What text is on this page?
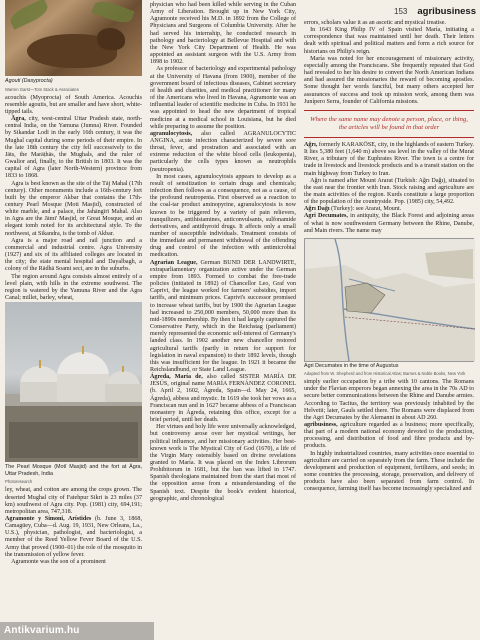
153 agribusiness
Agouti (Dasyprocta)
Warren Garst—Tom Stack & Associates

acouchis (Myoprocta) of South America. Acouchis resemble agoutis, but are smaller and have short, white-tipped tails.

 Āgra, city, west-central Uttar Pradesh state, north-central India, on the Yamuna (Jumna) River. Founded by Sikandar Lodī in the early 16th century, it was the Mughal capital during some periods of their empire. In the late 18th century the city fell successively to the Jāts, the Marāṭhās, the Mughals, and the ruler of Gwalior and, finally, to the British in 1803. It was the capital of Agra (later North-Western) province from 1833 to 1868.

 Agra is best known as the site of the Tāj Mahal (17th century). Other monuments include a 16th-century fort built by the emperor Akbar that contains the 17th-century Pearl Mosque (Moti Masjid), constructed of white marble, and a palace, the Jahāngīrī Mahal. Also in Agra are the Jāmi' Masjid, or Great Mosque, and an elegant tomb noted for its architectural style. To the northwest, at Sikandra, is the tomb of Akbar.

 Agra is a major road and rail junction and a commercial and industrial centre. Agra University (1927) and six of its affiliated colleges are located in the city; the state mental hospital and Dayalbagh, a colony of the Rādhā Soami sect, are in the suburbs.

 The region around Agra consists almost entirely of a level plain, with hills in the extreme southwest. The region is watered by the Yamuna River and the Agra Canal; millet, barley, wheat,

The Pearl Mosque (Motī Masjid) and the fort at Āgra, Uttar Pradesh, India
Photoresearch

ley, wheat, and cotton are among the crops grown. The deserted Mughal city of Fatehpur Sikri is 23 miles (37 km) southwest of Agra city. Pop. (1981) city, 694,191; metropolitan area, 747,318.

Agramonte y Simoni, Arístides (b. June 3, 1868, Camagüey, Cuba—d. Aug. 19, 1931, New Orleans, La., U.S.), physician, pathologist, and bacteriologist, a member of the Reed Yellow Fever Board of the U.S. Army that proved (1900–01) the role of the mosquito in the transmission of yellow fever.

 Agramonte was the son of a prominent

physician who had been killed while serving in the Cuban Army of Liberation. Brought up in New York City, Agramonte received his M.D. in 1892 from the College of Physicians and Surgeons of Columbia University. After he had served his internship, he conducted research in pathology and bacteriology at Bellevue Hospital and with the New York City Department of Health. He was appointed an assistant surgeon with the U.S. Army from 1898 to 1902.

 As professor of bacteriology and experimental pathology at the University of Havana (from 1900), member of the government board of infectious diseases, Cabinet secretary of health and charities, and medical practitioner for many of the Americans who lived in Havana, Agramonte was an influential leader of scientific medicine in Cuba. In 1931 he was appointed to head the new department of tropical medicine at a medical school in Louisiana, but he died while preparing to assume the position.

agranulocytosis, also called AGRANULOCYTIC ANGINA, acute infection characterized by severe sore throat, fever, and prostration and associated with an extreme reduction of the white blood cells (leukopenia), particularly the cells types known as neutrophils (neutropenia).

 In most cases, agranulocytosis appears to develop as a result of sensitization to certain drugs and chemicals; infection then follows as a consequence, not as a cause, of the profound neutropenia. First observed as a reaction to the coal-tar product aminopyrine, agranulocytosis is now known to be triggered by a variety of pain relievers, tranquilizers, antihistamines, anticonvulsants, sulfonamide derivatives, and antithyroid drugs. It affects only a small number of susceptible individuals. Treatment consists of the immediate and permanent withdrawal of the offending drug and control of the infection with antimicrobial medication.

Agrarian League, German BUND DER LANDWIRTE, extraparliamentary organization active under the German empire from 1893. Formed to combat the free-trade policies (initiated in 1892) of Chancellor Leo, Graf von Caprivi, the league worked for farmers' subsidies, import tariffs, and minimum prices. Caprivi's successor promised to increase wheat tariffs, but by 1900 the Agrarian League had increased to 250,000 members, 50,000 more than its mid-1890s membership. By then it had largely captured the Conservative Party, which in the Reichstag (parliament) merely represented the economic self-interest of Germany's landed class. In 1902 another new chancellor restored agricultural tariffs (partly in return for support for legislation in naval expansion) to their 1892 levels, though this was insufficient for the league. In 1921 it became the Reichslandbund, or State Land League.

Ágreda, María de, also called SISTER MARÍA DE JESÚS, original name MARÍA FERNÁNDEZ CORONEL (b. April 2, 1602, Ágreda, Spain—d. May 24, 1665, Ágreda), abbess and mystic. In 1619 she took her vows as a Franciscan nun and in 1627 became abbess of a Franciscan monastery in Ágreda, retaining this office, except for a brief period, until her death.

 Her virtues and holy life were universally acknowledged, but controversy arose over her mystical writings, her political influence, and her missionary activities. Her best-known work is The Mystical City of God (1670), a life of the Virgin Mary ostensibly based on divine revelations granted to María. It was placed on the Index Librorum Prohibitorum in 1681, but the ban was lifted in 1747. Spanish theologians maintained from the start that most of the opposition arose from a misunderstanding of the Spanish text. Despite the book's evident historical, geographic, and chronological

errors, scholars value it as an ascetic and mystical treatise.

 In 1643 King Philip IV of Spain visited María, initiating a correspondence that was maintained until her death. Their letters dealt with spiritual and political matters and form a rich source for historians on Philip's reign.

 María was noted for her encouragement of missionary activity, especially among the Franciscans. She frequently repeated that God had revealed to her his desire to convert the North American Indians and had assured the missionaries the reward of becoming apostles. Some thought her words fanciful, but many others accepted her assurances of success and took up mission work, among them was Junípero Serra, founder of California missions.

Where the same name may denote a person, place, or thing, the articles will be found in that order

Ağrı, formerly KARAKÖSE, city, in the highlands of eastern Turkey. It lies 5,380 feet (1,640 m) above sea level in the valley of the Murat River, a tributary of the Euphrates River. The town is a centre for trade in livestock and livestock products and is a transit station on the main highway from Turkey to Iran.

 Ağrı is named after Mount Ararat (Turkish: Ağrı Dağı), situated to the east near the frontier with Iran. Stock raising and agriculture are the main activities of the region. Kurds constitute a large proportion of the population of the countryside. Pop. (1985) city, 54,492.

Ağrı Dağı (Turkey): see Ararat, Mount.

Agri Decumates, in antiquity, the Black Forest and adjoining areas of what is now southwestern Germany between the Rhine, Danube, and Main rivers. The name may

Agri Decumates in the time of Augustus
Adapted from W. Shepherd and from Historical Atlas; Barnes & Noble Books, New York

simply earlier occupation by a tribe with 10 cantons. The Romans under the Flavian emperors began annexing the area in the 70s AD to secure better communications between the Rhine and Danube armies. According to Tacitus, the territory was previously inhabited by the Helvetii; later, Gauls settled there. The Romans were displaced from the Agri Decumates by the Alemanni in about AD 260.

agribusiness, agriculture regarded as a business; more specifically, that part of a modern national economy devoted to the production, processing, and distribution of food and fibre products and by-products.

 In highly industrialized countries, many activities once essential to agriculture are carried on separately from the farm. These include the development and production of equipment, fertilizers, and seeds; in some countries the processing, storage, preservation, and delivery of products have also been separated from farm control. In consequence, farming itself has become increasingly specialized and

Antikvarium.hu
